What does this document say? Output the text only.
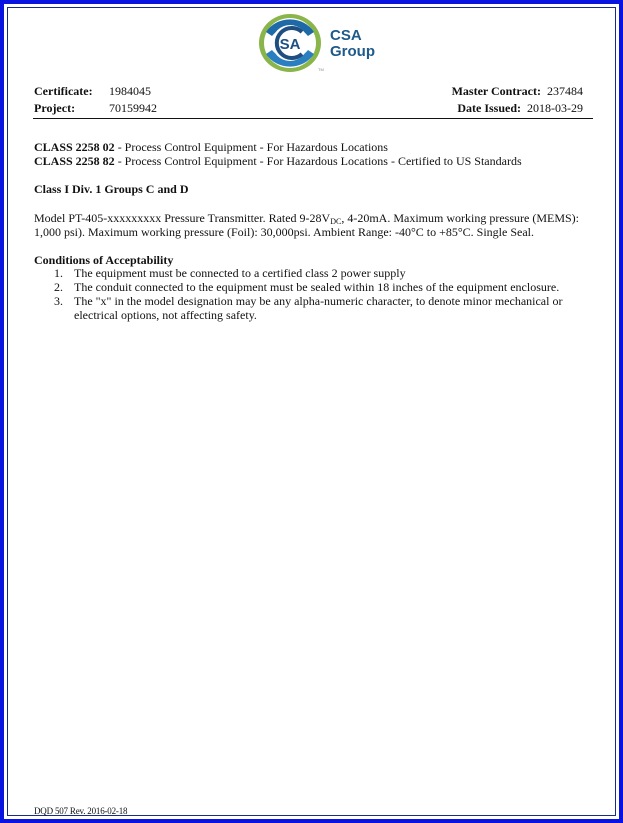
SA
TM
CSA
Group
Certificate: 1984045
Project:	70159942
Master Contract: 237484
Date Issued: 2018-03-29
CLASS 2258 02 - Process Control Equipment - For Hazardous Locations
CLASS 2258 82 - Process Control Equipment - For Hazardous Locations - Certified to US Standards
Class I Div. 1 Groups C and D
Model PT-405-xxxxxxxxx Pressure Transmitter. Rated $9-28V_{DC}$, 4-20mA. Maximum working pressure (MEMS): 1,000 psi). Maximum working pressure (Foil): 30,000psi. Ambient Range: -40°C to +85°C. Single Seal.
Conditions of Acceptability
1. The equipment must be connected to a certified class 2 power supply
2. The conduit connected to the equipment must be sealed within 18 inches of the equipment enclosure.
3. The "x" in the model designation may be any alpha-numeric character, to denote minor mechanical or electrical options, not affecting safety.
DQD 507 Rev. 2016-02-18
